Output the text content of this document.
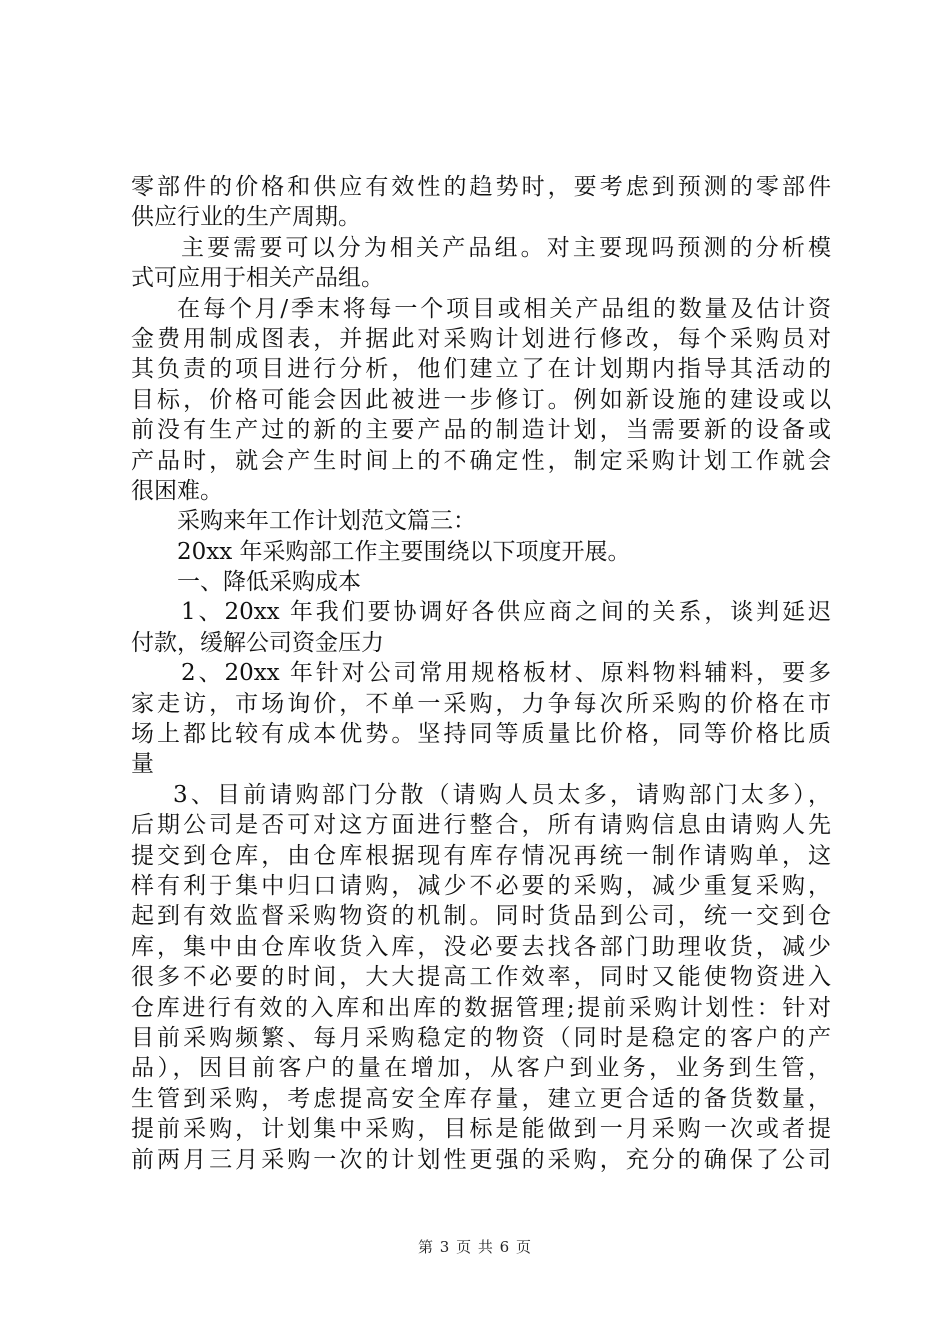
零部件的价格和供应有效性的趋势时，要考虑到预测的零部件
供应行业的生产周期。
主要需要可以分为相关产品组。对主要现吗预测的分析模
式可应用于相关产品组。
在每个月/季末将每一个项目或相关产品组的数量及估计资
金费用制成图表，并据此对采购计划进行修改，每个采购员对
其负责的项目进行分析，他们建立了在计划期内指导其活动的
目标，价格可能会因此被进一步修订。例如新设施的建设或以
前没有生产过的新的主要产品的制造计划，当需要新的设备或
产品时，就会产生时间上的不确定性，制定采购计划工作就会
很困难。
采购来年工作计划范文篇三：
20xx 年采购部工作主要围绕以下项度开展。
一、降低采购成本
1、20xx 年我们要协调好各供应商之间的关系，谈判延迟
付款，缓解公司资金压力
2、20xx 年针对公司常用规格板材、原料物料辅料，要多
家走访，市场询价，不单一采购，力争每次所采购的价格在市
场上都比较有成本优势。坚持同等质量比价格，同等价格比质
量
3、目前请购部门分散（请购人员太多，请购部门太多），
后期公司是否可对这方面进行整合，所有请购信息由请购人先
提交到仓库，由仓库根据现有库存情况再统一制作请购单，这
样有利于集中归口请购，减少不必要的采购，减少重复采购，
起到有效监督采购物资的机制。同时货品到公司，统一交到仓
库，集中由仓库收货入库，没必要去找各部门助理收货，减少
很多不必要的时间，大大提高工作效率，同时又能使物资进入
仓库进行有效的入库和出库的数据管理;提前采购计划性：针对
目前采购频繁、每月采购稳定的物资（同时是稳定的客户的产
品），因目前客户的量在增加，从客户到业务，业务到生管，
生管到采购，考虑提高安全库存量，建立更合适的备货数量，
提前采购，计划集中采购，目标是能做到一月采购一次或者提
前两月三月采购一次的计划性更强的采购，充分的确保了公司
第 3 页 共 6 页
